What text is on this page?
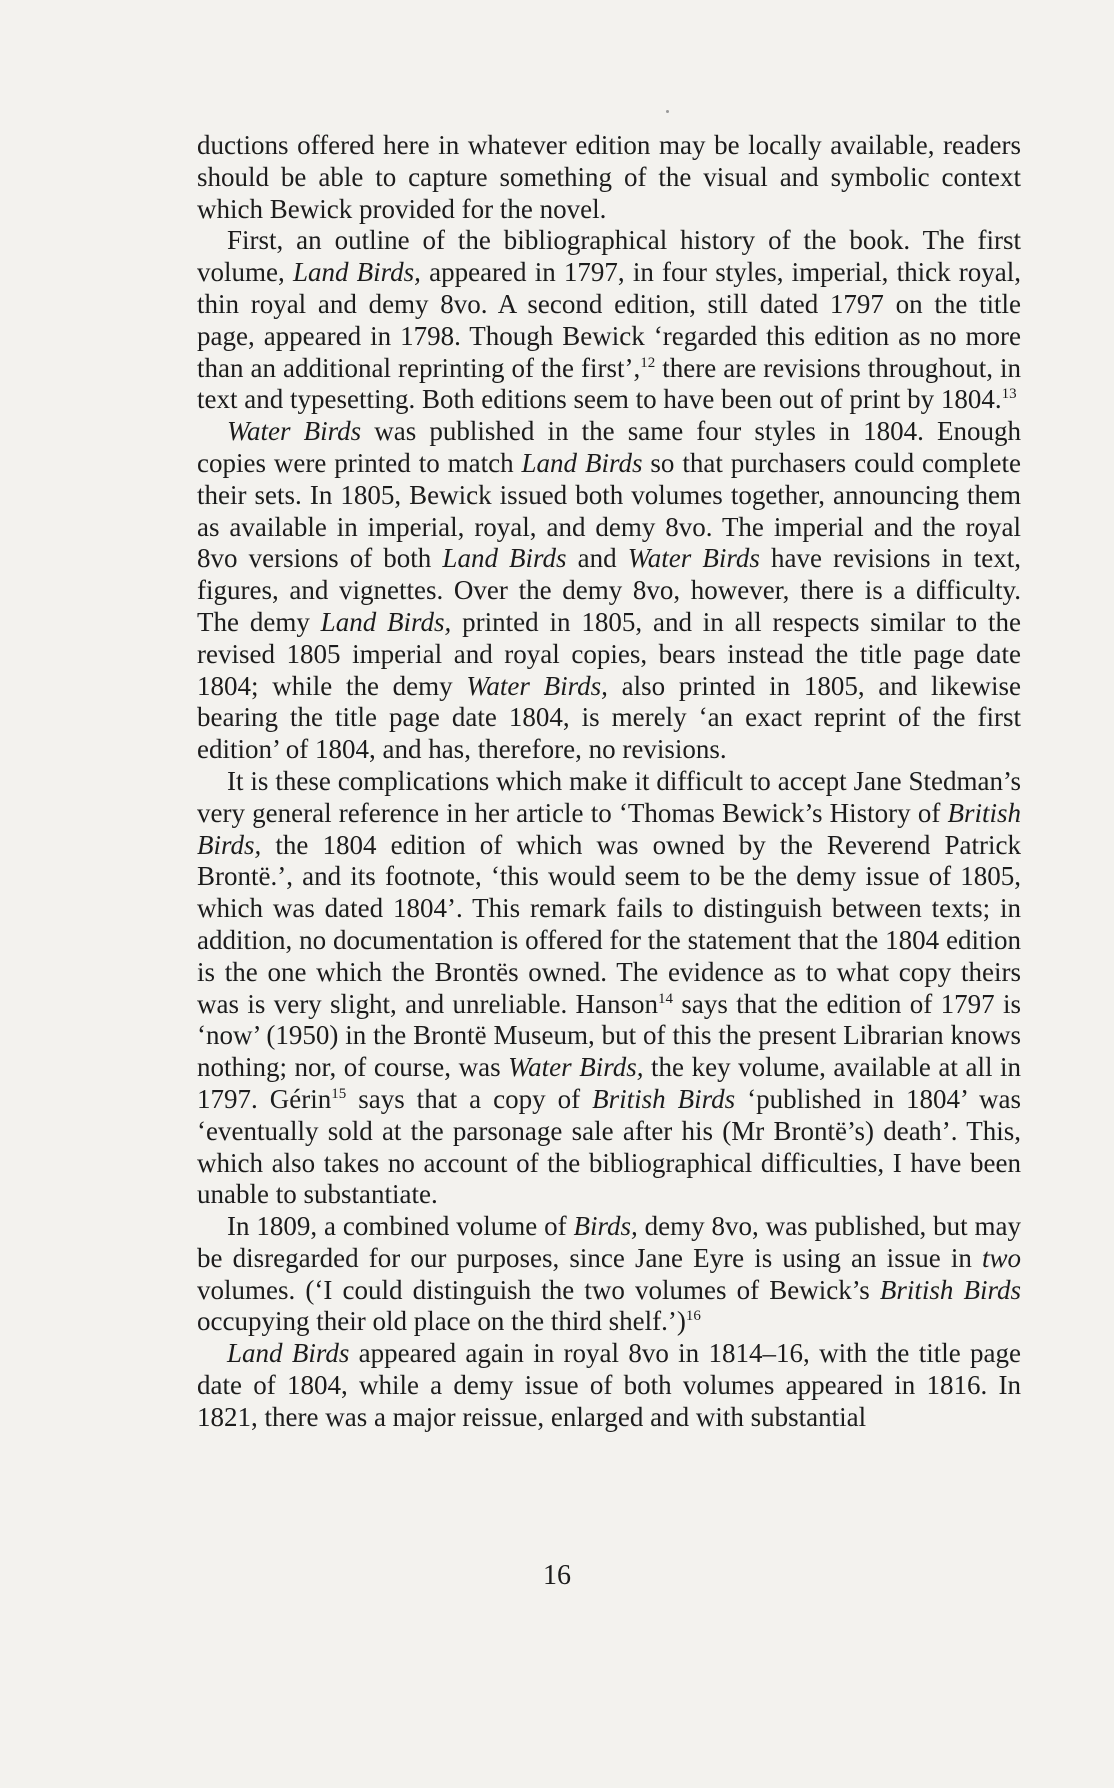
ductions offered here in whatever edition may be locally available, readers should be able to capture something of the visual and symbolic context which Bewick provided for the novel.

First, an outline of the bibliographical history of the book. The first volume, Land Birds, appeared in 1797, in four styles, imperial, thick royal, thin royal and demy 8vo. A second edition, still dated 1797 on the title page, appeared in 1798. Though Bewick ‘regarded this edition as no more than an additional reprinting of the first’,$^{12}$ there are revisions throughout, in text and typesetting. Both editions seem to have been out of print by 1804.13

Water Birds was published in the same four styles in 1804. Enough copies were printed to match Land Birds so that purchasers could complete their sets. In 1805, Bewick issued both volumes together, announcing them as available in imperial, royal, and demy 8vo. The imperial and the royal 8vo versions of both Land Birds and Water Birds have revisions in text, figures, and vignettes. Over the demy 8vo, however, there is a difficulty. The demy Land Birds, printed in 1805, and in all respects similar to the revised 1805 imperial and royal copies, bears instead the title page date 1804; while the demy Water Birds, also printed in 1805, and likewise bearing the title page date 1804, is merely ‘an exact reprint of the first edition’ of 1804, and has, therefore, no revisions.

It is these complications which make it difficult to accept Jane Stedman’s very general reference in her article to ‘Thomas Bewick’s History of British Birds, the 1804 edition of which was owned by the Reverend Patrick Brontë.’, and its footnote, ‘this would seem to be the demy issue of 1805, which was dated 1804’. This remark fails to distinguish between texts; in addition, no documentation is offered for the statement that the 1804 edition is the one which the Brontës owned. The evidence as to what copy theirs was is very slight, and unreliable. Hanson$^{14}$ says that the edition of 1797 is ‘now’ (1950) in the Brontë Museum, but of this the present Librarian knows nothing; nor, of course, was Water Birds, the key volume, available at all in 1797. Gérin$^{15}$ says that a copy of British Birds ‘published in 1804’ was ‘eventually sold at the parsonage sale after his (Mr Brontë’s) death’. This, which also takes no account of the bibliographical difficulties, I have been unable to substantiate.

In 1809, a combined volume of Birds, demy 8vo, was published, but may be disregarded for our purposes, since Jane Eyre is using an issue in two volumes. (‘I could distinguish the two volumes of Bewick’s British Birds occupying their old place on the third shelf.’)$^{16}$

Land Birds appeared again in royal 8vo in 1814–16, with the title page date of 1804, while a demy issue of both volumes appeared in 1816. In 1821, there was a major reissue, enlarged and with substantial

16
